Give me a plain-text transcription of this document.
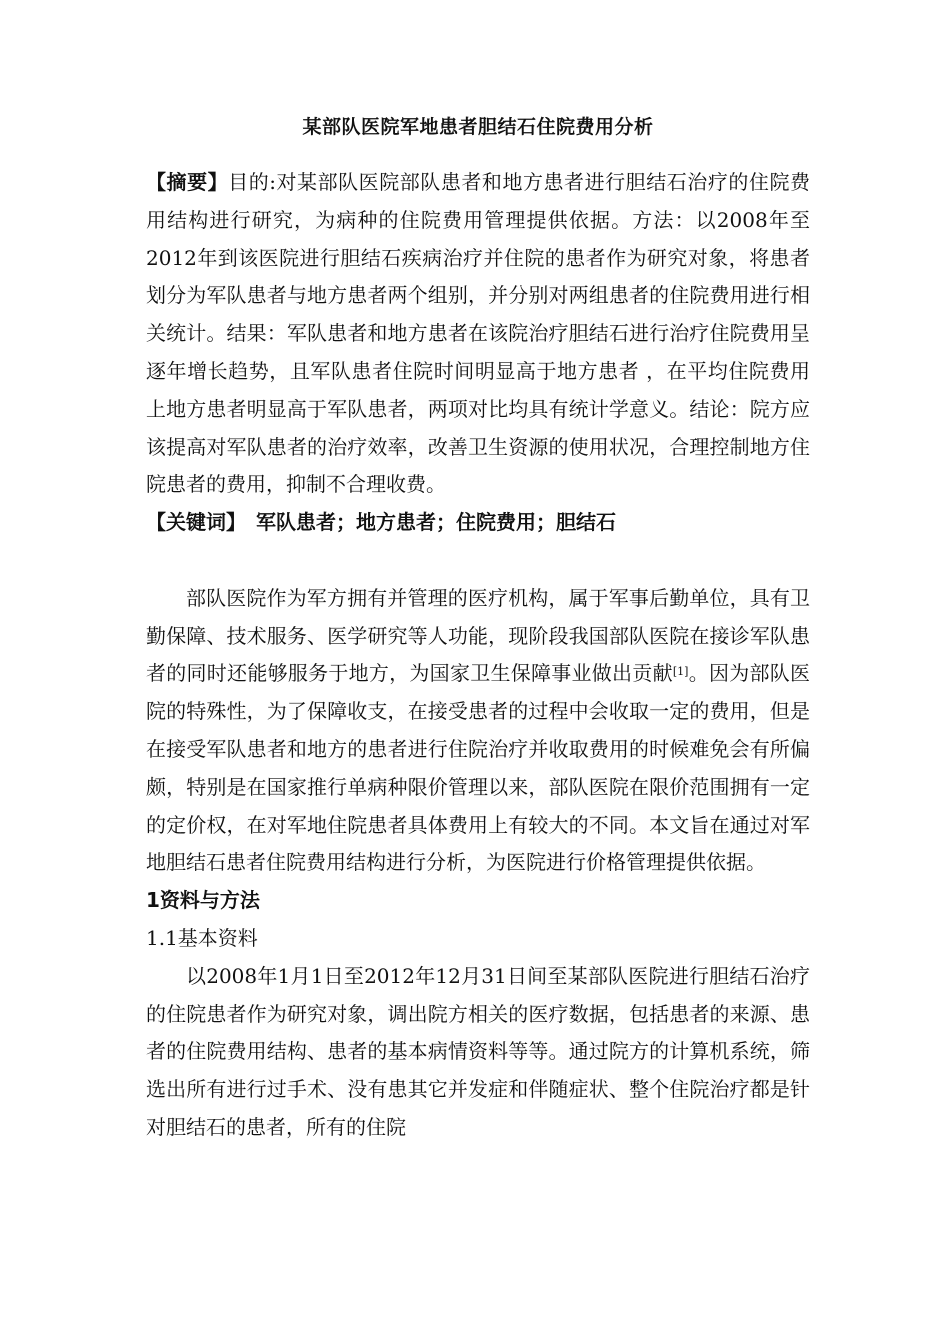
某部队医院军地患者胆结石住院费用分析

【摘要】目的:对某部队医院部队患者和地方患者进行胆结石治疗的住院费用结构进行研究，为病种的住院费用管理提供依据。方法：以2008年至2012年到该医院进行胆结石疾病治疗并住院的患者作为研究对象，将患者划分为军队患者与地方患者两个组别，并分别对两组患者的住院费用进行相关统计。结果：军队患者和地方患者在该院治疗胆结石进行治疗住院费用呈逐年增长趋势，且军队患者住院时间明显高于地方患者 ，在平均住院费用上地方患者明显高于军队患者，两项对比均具有统计学意义。结论：院方应该提高对军队患者的治疗效率，改善卫生资源的使用状况，合理控制地方住院患者的费用，抑制不合理收费。

【关键词】 军队患者；地方患者；住院费用；胆结石

部队医院作为军方拥有并管理的医疗机构，属于军事后勤单位，具有卫勤保障、技术服务、医学研究等人功能，现阶段我国部队医院在接诊军队患者的同时还能够服务于地方，为国家卫生保障事业做出贡献[1]。因为部队医院的特殊性，为了保障收支，在接受患者的过程中会收取一定的费用，但是在接受军队患者和地方的患者进行住院治疗并收取费用的时候难免会有所偏颇，特别是在国家推行单病种限价管理以来，部队医院在限价范围拥有一定的定价权，在对军地住院患者具体费用上有较大的不同。本文旨在通过对军地胆结石患者住院费用结构进行分析，为医院进行价格管理提供依据。

1资料与方法

1.1基本资料

以2008年1月1日至2012年12月31日间至某部队医院进行胆结石治疗的住院患者作为研究对象，调出院方相关的医疗数据，包括患者的来源、患者的住院费用结构、患者的基本病情资料等等。通过院方的计算机系统，筛选出所有进行过手术、没有患其它并发症和伴随症状、整个住院治疗都是针对胆结石的患者，所有的住院
